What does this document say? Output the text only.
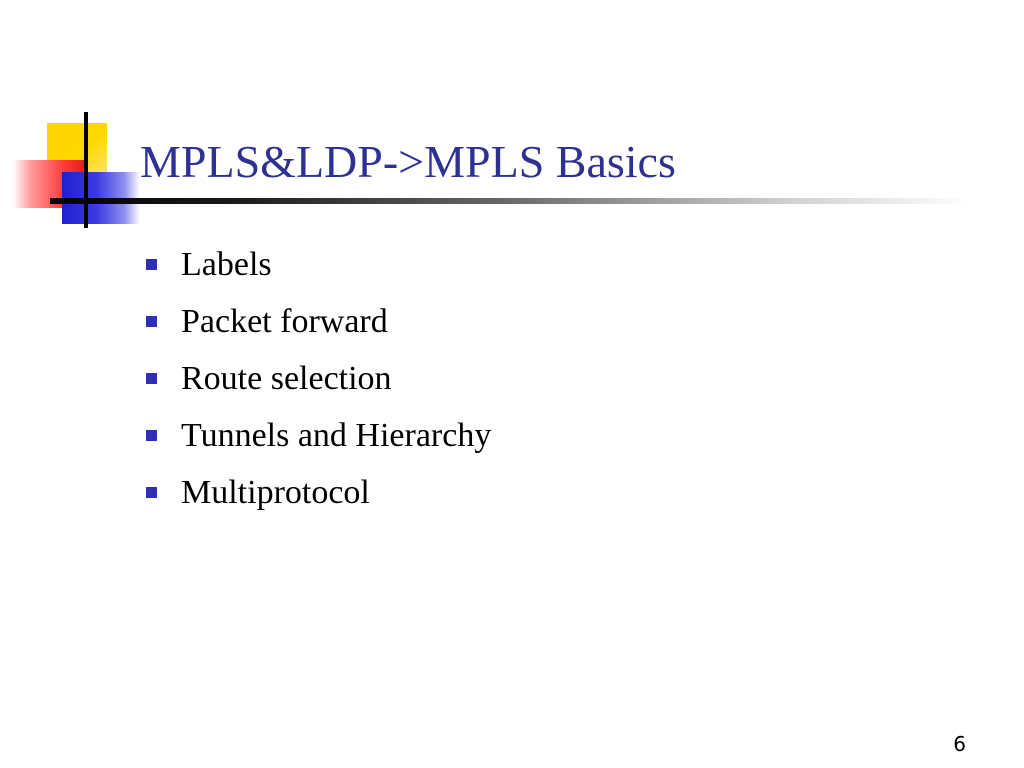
MPLS&LDP->MPLS Basics
Labels
Packet forward
Route selection
Tunnels and Hierarchy
Multiprotocol
6
